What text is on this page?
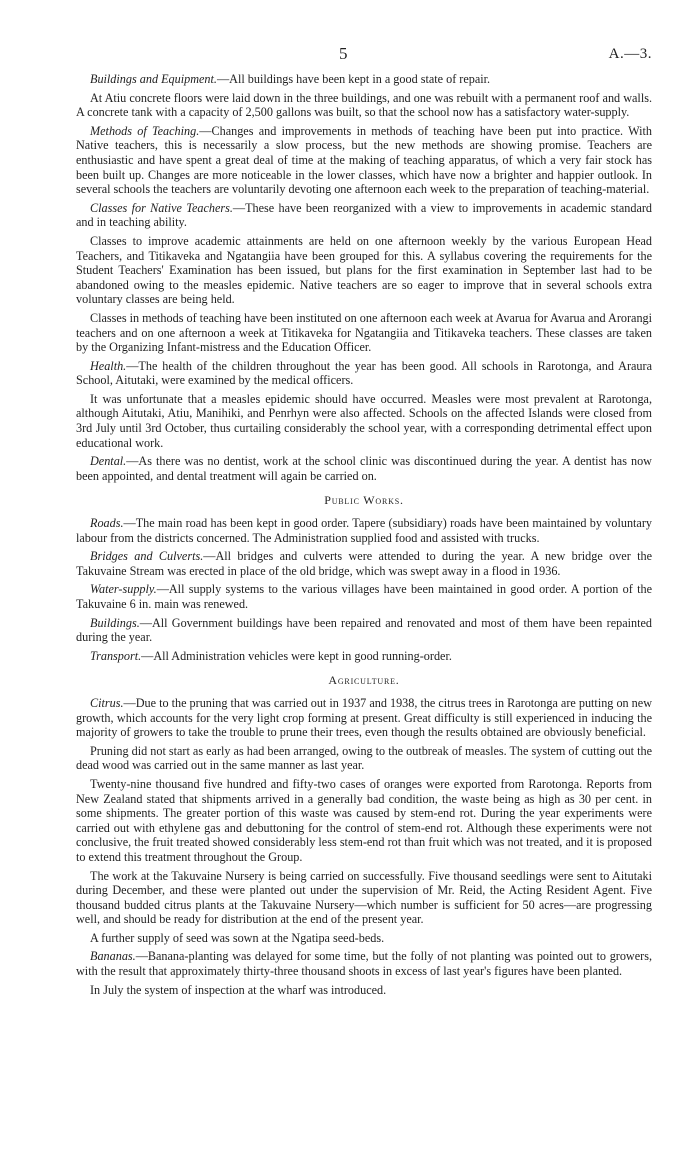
5	A.—3.

Buildings and Equipment.—All buildings have been kept in a good state of repair.

At Atiu concrete floors were laid down in the three buildings, and one was rebuilt with a permanent roof and walls. A concrete tank with a capacity of 2,500 gallons was built, so that the school now has a satisfactory water-supply.

Methods of Teaching.—Changes and improvements in methods of teaching have been put into practice. With Native teachers, this is necessarily a slow process, but the new methods are showing promise. Teachers are enthusiastic and have spent a great deal of time at the making of teaching apparatus, of which a very fair stock has been built up. Changes are more noticeable in the lower classes, which have now a brighter and happier outlook. In several schools the teachers are voluntarily devoting one afternoon each week to the preparation of teaching-material.

Classes for Native Teachers.—These have been reorganized with a view to improvements in academic standard and in teaching ability.

Classes to improve academic attainments are held on one afternoon weekly by the various European Head Teachers, and Titikaveka and Ngatangiia have been grouped for this. A syllabus covering the requirements for the Student Teachers' Examination has been issued, but plans for the first examination in September last had to be abandoned owing to the measles epidemic. Native teachers are so eager to improve that in several schools extra voluntary classes are being held.

Classes in methods of teaching have been instituted on one afternoon each week at Avarua for Avarua and Arorangi teachers and on one afternoon a week at Titikaveka for Ngatangiia and Titikaveka teachers. These classes are taken by the Organizing Infant-mistress and the Education Officer.

Health.—The health of the children throughout the year has been good. All schools in Rarotonga, and Araura School, Aitutaki, were examined by the medical officers.

It was unfortunate that a measles epidemic should have occurred. Measles were most prevalent at Rarotonga, although Aitutaki, Atiu, Manihiki, and Penrhyn were also affected. Schools on the affected Islands were closed from 3rd July until 3rd October, thus curtailing considerably the school year, with a corresponding detrimental effect upon educational work.

Dental.—As there was no dentist, work at the school clinic was discontinued during the year. A dentist has now been appointed, and dental treatment will again be carried on.

Public Works.

Roads.—The main road has been kept in good order. Tapere (subsidiary) roads have been maintained by voluntary labour from the districts concerned. The Administration supplied food and assisted with trucks.

Bridges and Culverts.—All bridges and culverts were attended to during the year. A new bridge over the Takuvaine Stream was erected in place of the old bridge, which was swept away in a flood in 1936.

Water-supply.—All supply systems to the various villages have been maintained in good order. A portion of the Takuvaine 6 in. main was renewed.

Buildings.—All Government buildings have been repaired and renovated and most of them have been repainted during the year.

Transport.—All Administration vehicles were kept in good running-order.

Agriculture.

Citrus.—Due to the pruning that was carried out in 1937 and 1938, the citrus trees in Rarotonga are putting on new growth, which accounts for the very light crop forming at present. Great difficulty is still experienced in inducing the majority of growers to take the trouble to prune their trees, even though the results obtained are obviously beneficial.

Pruning did not start as early as had been arranged, owing to the outbreak of measles. The system of cutting out the dead wood was carried out in the same manner as last year.

Twenty-nine thousand five hundred and fifty-two cases of oranges were exported from Rarotonga. Reports from New Zealand stated that shipments arrived in a generally bad condition, the waste being as high as 30 per cent. in some shipments. The greater portion of this waste was caused by stem-end rot. During the year experiments were carried out with ethylene gas and debuttoning for the control of stem-end rot. Although these experiments were not conclusive, the fruit treated showed considerably less stem-end rot than fruit which was not treated, and it is proposed to extend this treatment throughout the Group.

The work at the Takuvaine Nursery is being carried on successfully. Five thousand seedlings were sent to Aitutaki during December, and these were planted out under the supervision of Mr. Reid, the Acting Resident Agent. Five thousand budded citrus plants at the Takuvaine Nursery—which number is sufficient for 50 acres—are progressing well, and should be ready for distribution at the end of the present year.

A further supply of seed was sown at the Ngatipa seed-beds.

Bananas.—Banana-planting was delayed for some time, but the folly of not planting was pointed out to growers, with the result that approximately thirty-three thousand shoots in excess of last year's figures have been planted.

In July the system of inspection at the wharf was introduced.
